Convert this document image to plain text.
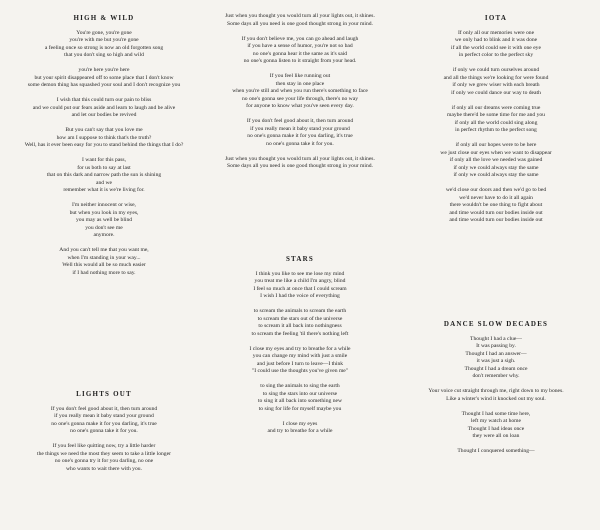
HIGH & WILD
You're gone, you're gone
you're with me but you're gone
a feeling once so strong is now an old forgotten song
that you don't sing so high and wild
you're here you're here
but your spirit disappeared off to some place that I don't know
some demon thing has squashed your soul and I don't recognize you
I wish that this could turn our pain to bliss
and we could put our fears aside and learn to laugh and be alive
and let our bodies be revived
But you can't say that you love me
how am I suppose to think that's the truth?
Well, has it ever been easy for you to stand behind the things that I do?
I want for this pass,
for us both to say at last
that on this dark and narrow path the sun is shining
and we
remember what it is we're living for.
I'm neither innocent or wise,
but when you look in my eyes,
you may as well be blind
you don't see me
anymore.
And you can't tell me that you want me,
when I'm standing in your way...
Well this would all be so much easier
if I had nothing more to say.
LIGHTS OUT
If you don't feel good about it, then turn around
if you really mean it baby stand your ground
no one's gonna make it for you darling, it's true
no one's gonna take it for you.
If you feel like quitting now, try a little harder
the things we need the most they seem to take a little longer
no one's gonna try it for you darling, no one
who wants to wait there with you.
Just when you thought you would turn all your lights out, it shines.
Some days all you need is one good thought strong in your mind.
If you don't believe me, you can go ahead and laugh
if you have a sense of humor, you're not so bad
no one's gonna hear it the same as it's said
no one's gonna listen to it straight from your head.
If you feel like running out
then stay in one place
when you're still and when you run there's something to face
no one's gonna see your life through, there's no way
for anyone to know what you've seen every day.
If you don't feel good about it, then turn around
if you really mean it baby stand your ground
no one's gonna make it for you darling, it's true
no one's gonna take it for you.
Just when you thought you would turn all your lights out, it shines.
Some days all you need is one good thought strong in your mind.
STARS
I think you like to see me lose my mind
you treat me like a child I'm angry, blind
I feel so much at once that I could scream
I wish I had the voice of everything
to scream the animals to scream the earth
to scream the stars out of the universe
to scream it all back into nothingness
to scream the feeling 'til there's nothing left
I close my eyes and try to breathe for a while
you can change my mind with just a smile
and just before I turn to leave—I think
"I could use the thoughts you've given me"
to sing the animals to sing the earth
to sing the stars into our universe
to sing it all back into something new
to sing for life for myself maybe you
I close my eyes
and try to breathe for a while
IOTA
If only all our memories were one
we only had to blink and it was done
if all the world could see it with one eye
in perfect color to the perfect sky
if only we could turn ourselves around
and all the things we're looking for were found
if only we grew wiser with each breath
if only we could dance our way to death
if only all our dreams were coming true
maybe there'd be some time for me and you
if only all the world could sing along
in perfect rhythm to the perfect song
if only all our hopes were to be here
we just close our eyes when we want to disappear
if only all the love we needed was gained
if only we could always stay the same
if only we could always stay the same
we'd close our doors and then we'd go to bed
we'd never have to do it all again
there wouldn't be one thing to fight about
and time would turn our bodies inside out
and time would turn our bodies inside out
DANCE SLOW DECADES
Thought I had a clue—
It was passing by.
Thought I had an answer—
it was just a sigh.
Thought I had a dream once
don't remember why.
Your voice cut straight through me, right down to my bones.
Like a winter's wind it knocked out my soul.
Thought I had some time here,
left my watch at home
Thought I had ideas once
they were all on loan
Thought I conquered something—
